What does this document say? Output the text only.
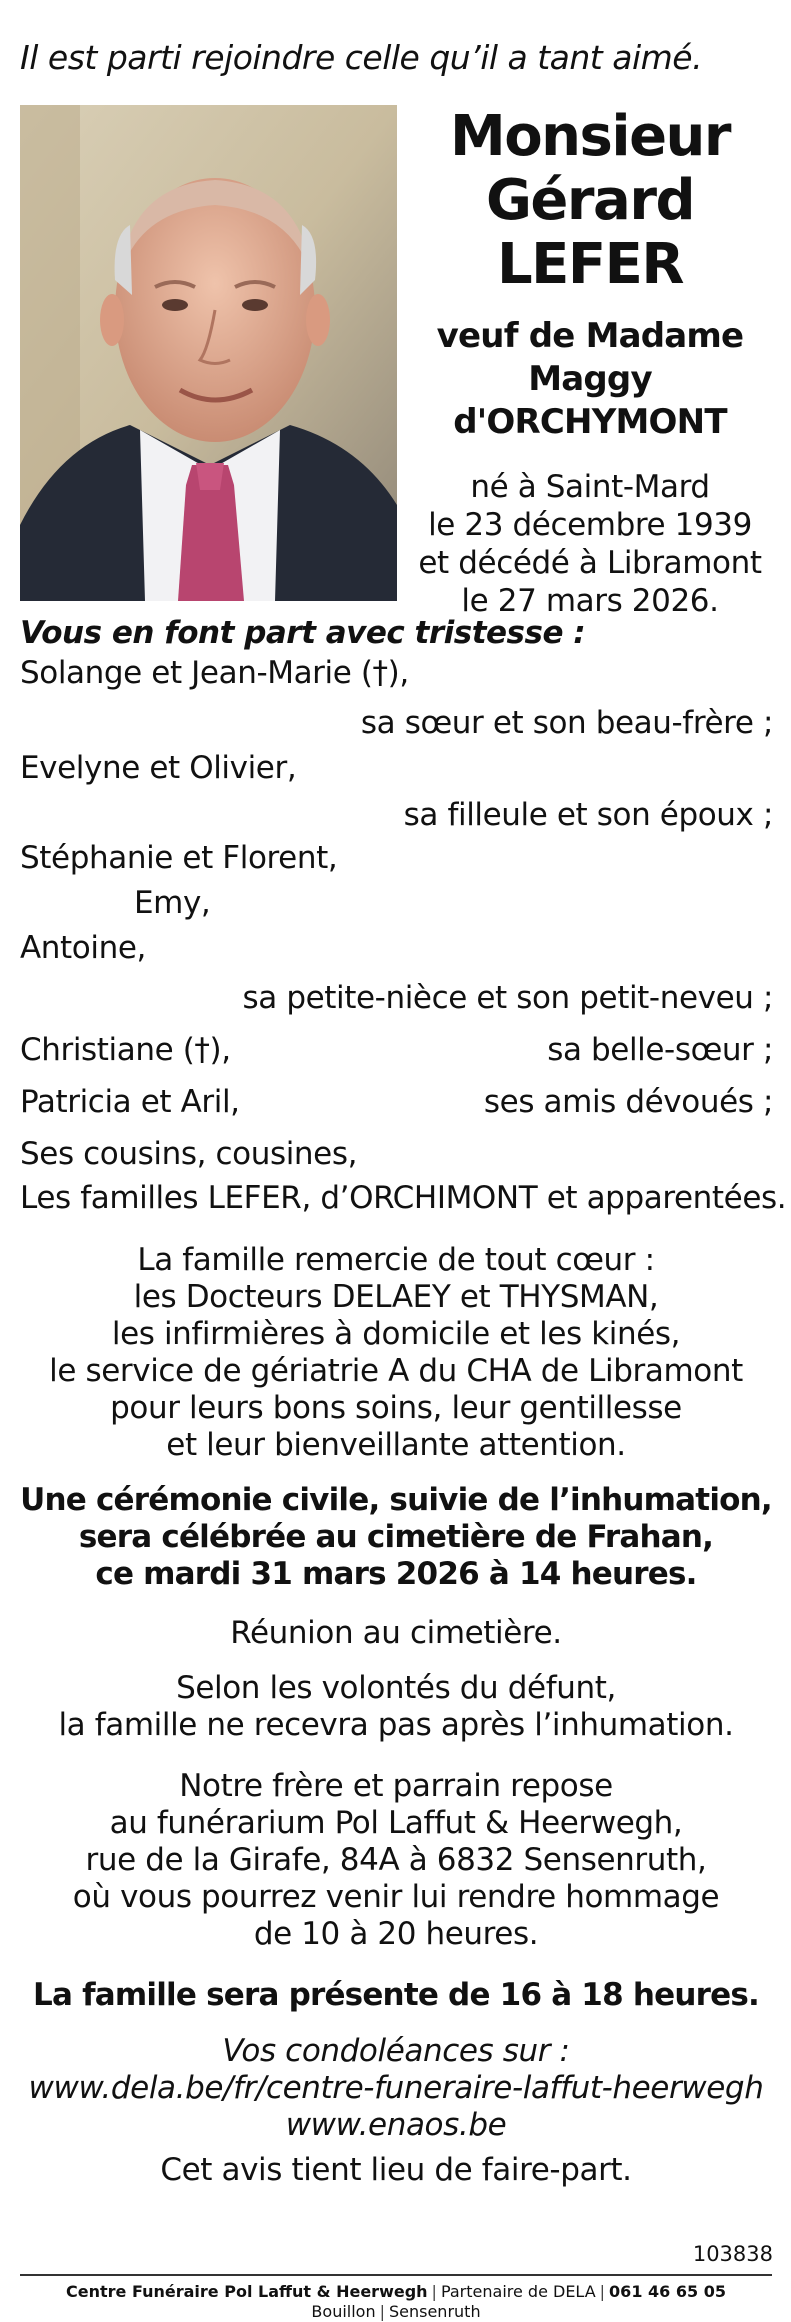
Il est parti rejoindre celle qu’il a tant aimé.
Monsieur
Gérard
LEFER
veuf de Madame
Maggy d'ORCHYMONT
né à Saint-Mard
le 23 décembre 1939
et décédé à Libramont
le 27 mars 2026.
Vous en font part avec tristesse :
Solange et Jean-Marie (†),
sa sœur et son beau-frère ;
Evelyne et Olivier,
sa filleule et son époux ;
Stéphanie et Florent,
Emy,
Antoine,
sa petite-nièce et son petit-neveu ;
Christiane (†),	sa belle-sœur ;
Patricia et Aril,	ses amis dévoués ;
Ses cousins, cousines,
Les familles LEFER, d’ORCHIMONT et apparentées.
La famille remercie de tout cœur :
les Docteurs DELAEY et THYSMAN,
les infirmières à domicile et les kinés,
le service de gériatrie A du CHA de Libramont
pour leurs bons soins, leur gentillesse
et leur bienveillante attention.
Une cérémonie civile, suivie de l’inhumation,
sera célébrée au cimetière de Frahan,
ce mardi 31 mars 2026 à 14 heures.
Réunion au cimetière.
Selon les volontés du défunt,
la famille ne recevra pas après l’inhumation.
Notre frère et parrain repose
au funérarium Pol Laffut & Heerwegh,
rue de la Girafe, 84A à 6832 Sensenruth,
où vous pourrez venir lui rendre hommage
de 10 à 20 heures.
La famille sera présente de 16 à 18 heures.
Vos condoléances sur :
www.dela.be/fr/centre-funeraire-laffut-heerwegh
www.enaos.be
Cet avis tient lieu de faire-part.
103838
Centre Funéraire Pol Laffut & Heerwegh | Partenaire de DELA | 061 46 65 05
Bouillon | Sensenruth
